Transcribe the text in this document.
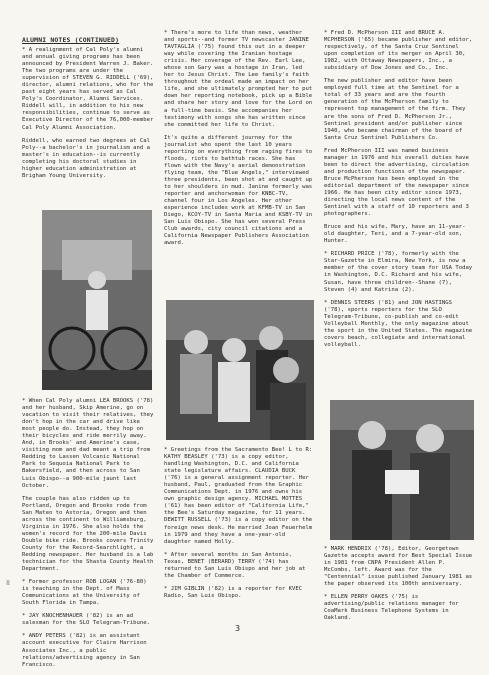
ALUMNI NOTES (CONTINUED)

* A realignment of Cal Poly's alumni and annual giving programs has been announced by President Warren J. Baker. The two programs are under the supervision of STEVEN G. RIDDELL ('69), director, alumni relations, who for the past eight years has served as Cal Poly's Coordinator, Alumni Services. Riddell will, in addition to his new responsibilities, continue to serve as Executive Director of the 76,000-member Cal Poly Alumni Association.

Riddell, who earned two degrees at Cal Poly--a bachelor's in journalism and a master's in education--is currently completing his doctoral studies in higher education administration at Brigham Young University.

* When Cal Poly alumni LEA BROOKS ('78) and her husband, Skip Amerine, go on vacation to visit their relatives, they don't hop in the car and drive like most people do. Instead, they hop on their bicycles and ride merrily away. And, in Brooks' and Amerine's case, visiting mom and dad meant a trip from Redding to Lassen Volcanic National Park to Sequoia National Park to Bakersfield, and then across to San Luis Obispo--a 900-mile jaunt last October.

The couple has also ridden up to Portland, Oregon and Brooks rode from San Mateo to Astoria, Oregon and then across the continent to Williamsburg, Virginia in 1976. She also holds the women's record for the 200-mile Davis Double bike ride. Brooks covers Trinity County for the Record-Searchlight, a Redding newspaper. Her husband is a lab technician for the Shasta County Health Department.

* Former professor ROB LOGAN ('76-80) is teaching in the Dept. of Mass Communications at the University of South Florida in Tampa.

* JAY KNOCHENHAUER ('82) is an ad salesman for the SLO Telegram-Tribune.

* ANDY PETERS ('82) is an assistant account executive for Claire Harrison Associates Inc., a public relations/advertising agency in San Francisco.

* There's more to life than news, weather and sports--and former TV newscaster JANINE TAVTAGLIA ('75) found this out in a deeper way while covering the Iranian hostage crisis. Her coverage of the Rev. Earl Lee, whose son Gary was a hostage in Iran, led her to Jesus Christ. The Lee family's faith throughout the ordeal made an impact on her life, and she ultimately prompted her to put down her reporting notebook, pick up a Bible and share her story and love for the Lord on a full-time basis. She accompanies her testimony with songs she has written since she committed her life to Christ.

It's quite a different journey for the journalist who spent the last 10 years reporting on everything from raging fires to floods, riots to bathtub races. She has flown with the Navy's aerial demonstration flying team, the "Blue Angels," interviewed three presidents, been shot at and caught up to her shoulders in mud. Janine formerly was reporter and anchorwoman for KNBC-TV, channel four in Los Angeles. Her other experience includes work at KFMB-TV in San Diego, KCOY-TV in Santa Maria and KSBY-TV in San Luis Obispo. She has won several Press Club awards, city council citations and a California Newspaper Publishers Association award.

* Greetings from the Sacramento Bee! L to R: KATHY BEASLEY ('73) is a copy editor, handling Washington, D.C. and California state legislature affairs. CLAUDIA BUCK ('76) is a general assignment reporter. Her husband, Paul, graduated from the Graphic Communications Dept. in 1976 and owns his own graphic design agency. MICHAEL MOTTES ('61) has been editor of "California Life," the Bee's Saturday magazine, for 11 years. DEWITT RUSSELL ('73) is a copy editor on the foreign news desk. He married Joan Feuerhelm in 1979 and they have a one-year-old daughter named Holly.

* After several months in San Antonio, Texas, BENET (BERARD) TERRY ('74) has returned to San Luis Obispo and her job at the Chamber of Commerce.

* JIM GIBLIN ('82) is a reporter for KVEC Radio, San Luis Obispo.

* Fred D. McPherson III and BRUCE A. MCPHERSON ('65) became publisher and editor, respectively, of the Santa Cruz Sentinel upon completion of its merger on April 30, 1982, with Ottaway Newspapers, Inc., a subsidiary of Dow Jones and Co., Inc.

The new publisher and editor have been employed full time at the Sentinel for a total of 33 years and are the fourth generation of the McPherson family to represent top management of the firm. They are the sons of Fred D. McPherson Jr., Sentinel president and/or publisher since 1940, who became chairman of the board of Santa Cruz Sentinel Publishers Co.

Fred McPherson III was named business manager in 1976 and his overall duties have been to direct the advertising, circulation and production functions of the newspaper. Bruce McPherson has been employed in the editorial department of the newspaper since 1966. He has been city editor since 1973, directing the local news content of the Sentinel with a staff of 10 reporters and 3 photographers.

Bruce and his wife, Mary, have an 11-year-old daughter, Teri, and a 7-year-old son, Hunter.

* RICHARD PRICE ('78), formerly with the Star-Gazette in Elmira, New York, is now a member of the cover story team for USA Today in Washington, D.C. Richard and his wife, Susan, have three children--Shane (7), Steven (4) and Katrina (2).

* DENNIS STEERS ('81) and JON HASTINGS ('78), sports reporters for the SLO Telegram-Tribune, co-publish and co-edit Volleyball Monthly, the only magazine about the sport in the United States. The magazine covers beach, collegiate and international volleyball.

* MARK HENDRIX ('78), Editor, Georgetown Gazette accepts award for Best Special Issue in 1981 from CNPA President Allen P. McCombs, left. Award was for the "Centennial" issue published January 1981 as the paper observed its 100th anniversary.

* ELLEN PERRY OAKES ('75) is advertising/public relations manager for CoaMark Business Telephone Systems in Oakland.

PM
3
